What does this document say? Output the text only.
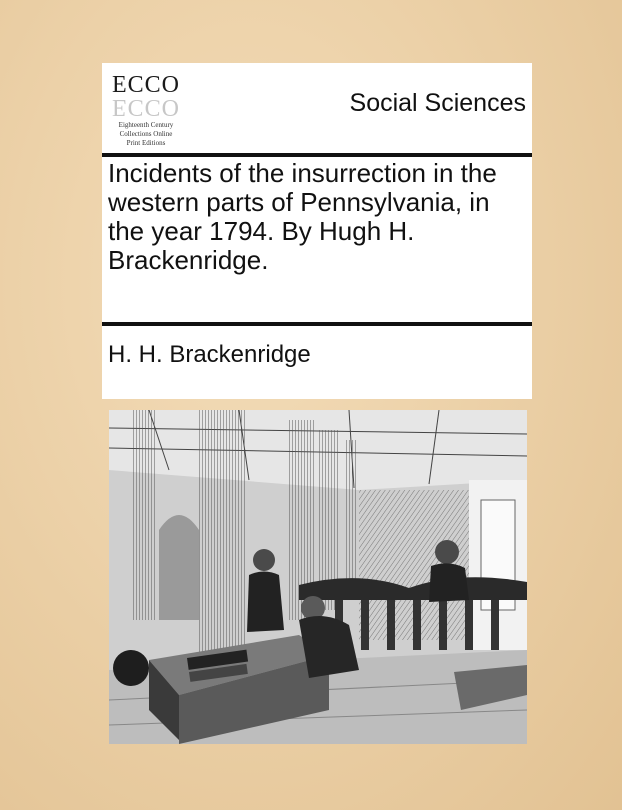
ECCO
ECCO
Eighteenth Century
Collections Online
Print Editions
Social Sciences
Incidents of the insurrection in the western parts of Pennsylvania, in the year 1794. By Hugh H. Brackenridge.
H. H. Brackenridge
